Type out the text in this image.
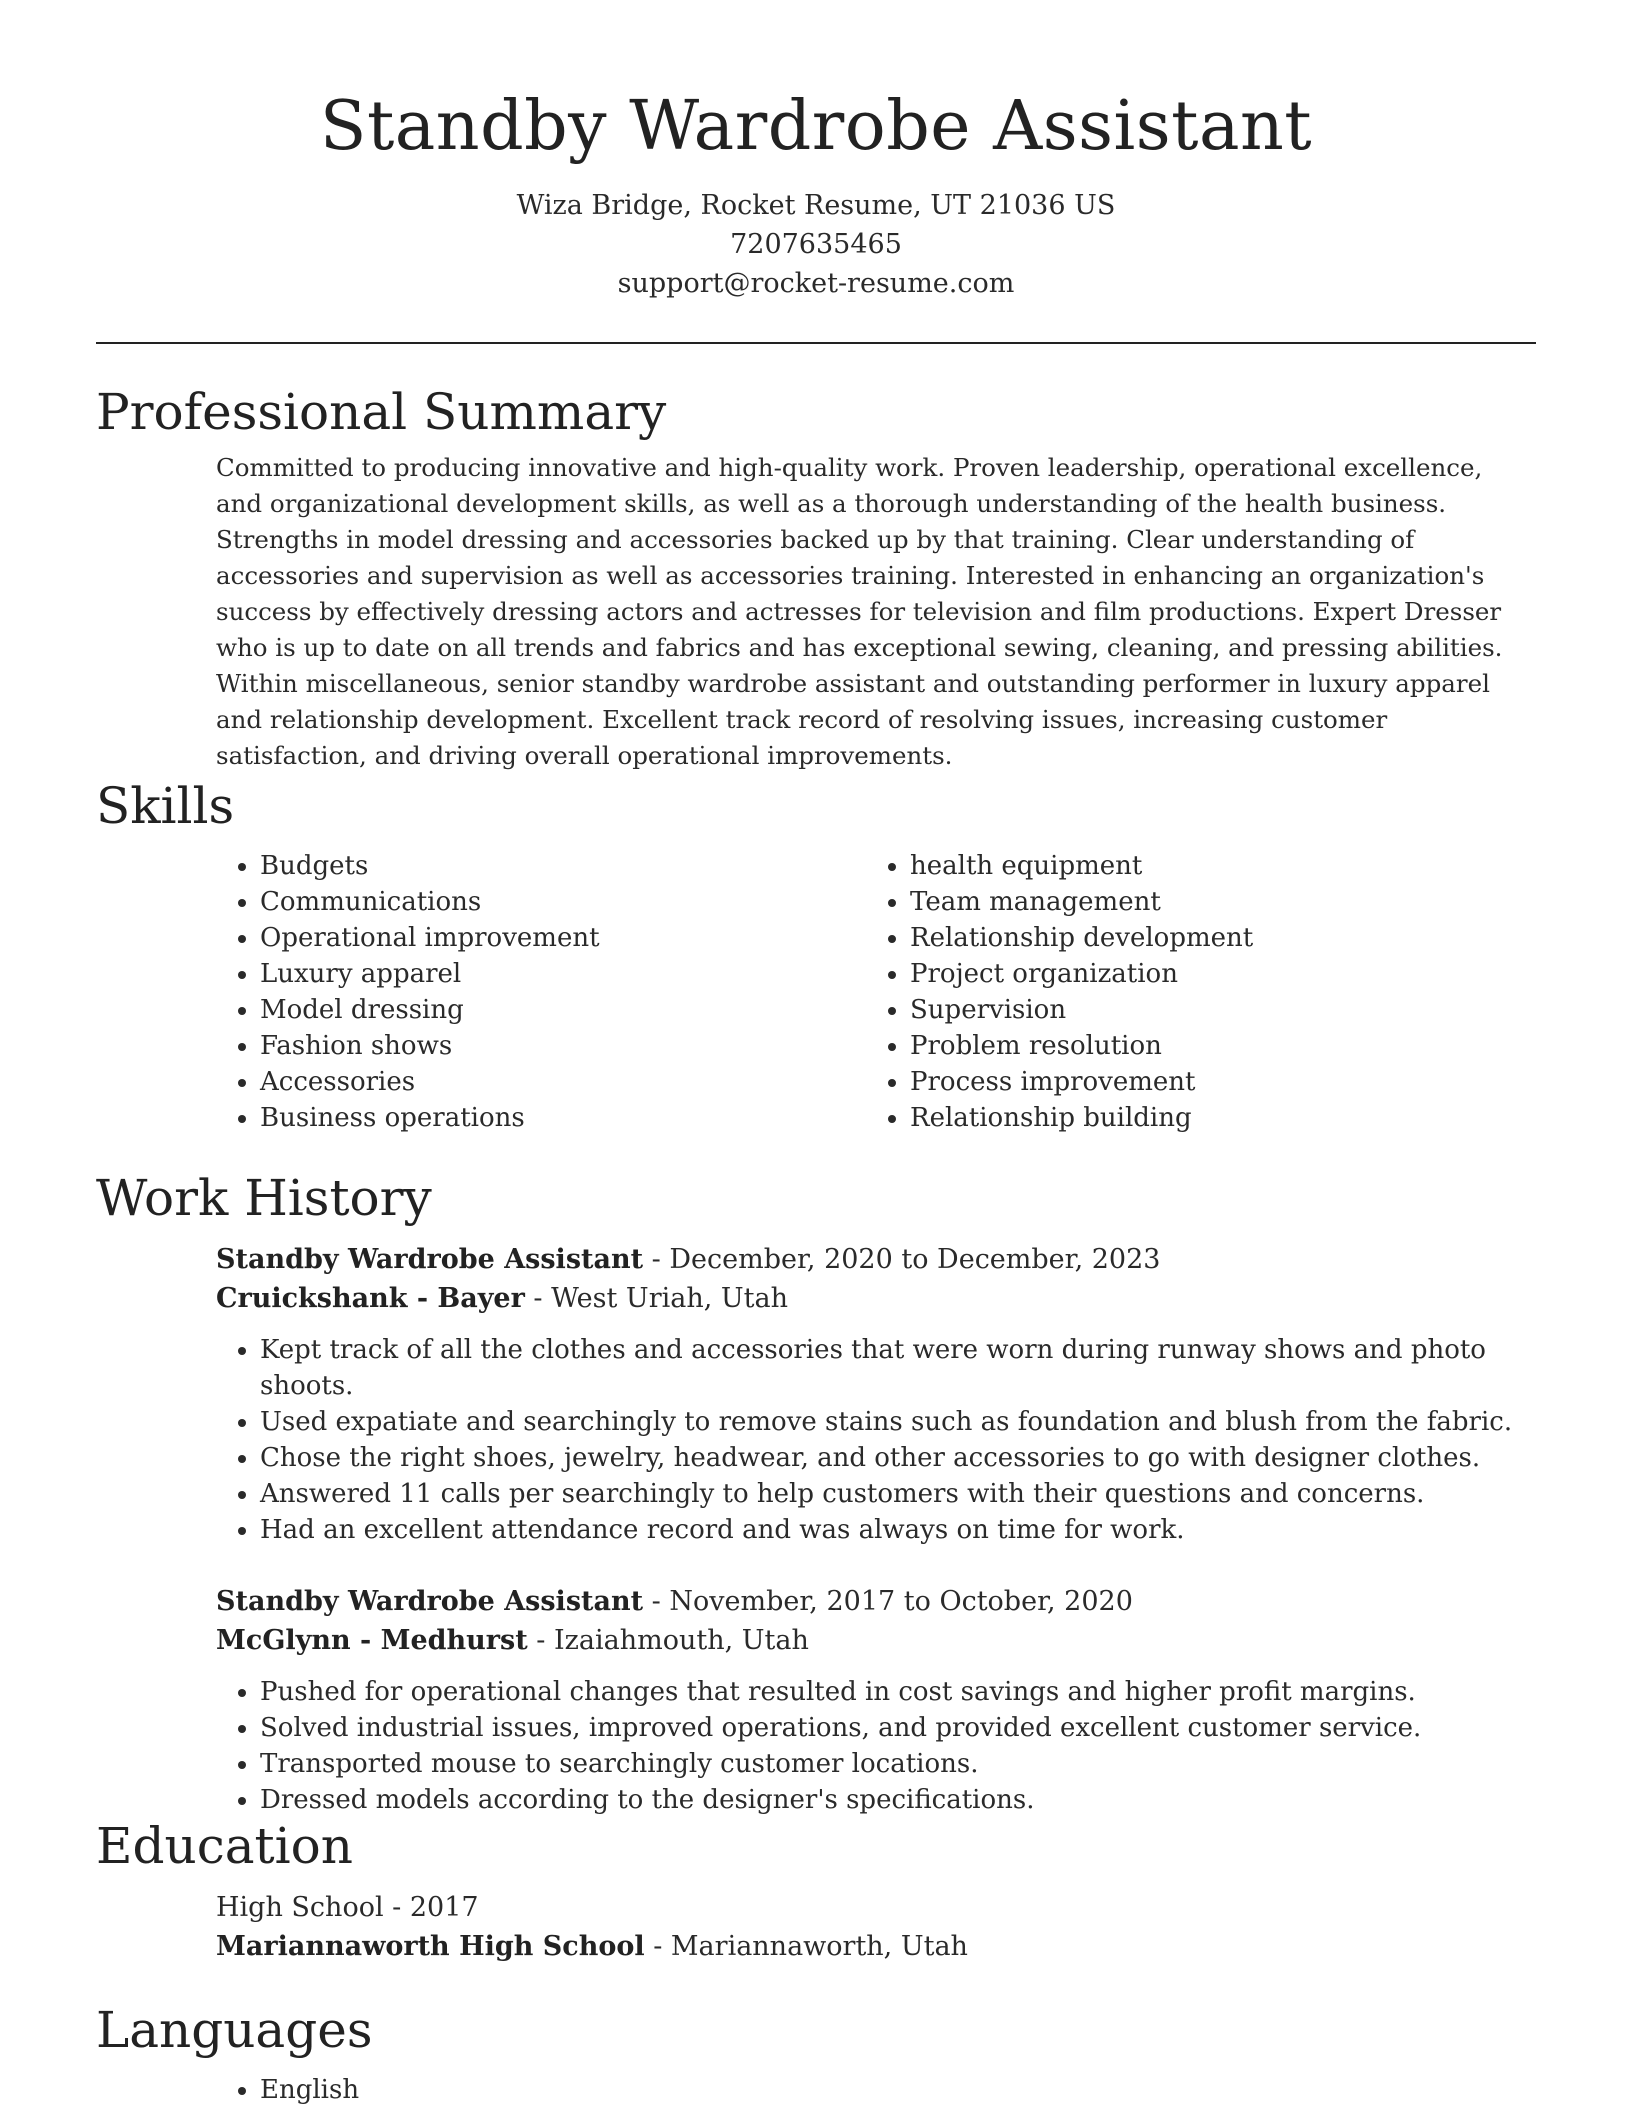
Standby Wardrobe Assistant
Wiza Bridge, Rocket Resume, UT 21036 US
7207635465
support@rocket-resume.com
Professional Summary
Committed to producing innovative and high-quality work. Proven leadership, operational excellence, and organizational development skills, as well as a thorough understanding of the health business. Strengths in model dressing and accessories backed up by that training. Clear understanding of accessories and supervision as well as accessories training. Interested in enhancing an organization's success by effectively dressing actors and actresses for television and film productions. Expert Dresser who is up to date on all trends and fabrics and has exceptional sewing, cleaning, and pressing abilities. Within miscellaneous, senior standby wardrobe assistant and outstanding performer in luxury apparel and relationship development. Excellent track record of resolving issues, increasing customer satisfaction, and driving overall operational improvements.
Skills
• Budgets
• Communications
• Operational improvement
• Luxury apparel
• Model dressing
• Fashion shows
• Accessories
• Business operations
• health equipment
• Team management
• Relationship development
• Project organization
• Supervision
• Problem resolution
• Process improvement
• Relationship building
Work History
Standby Wardrobe Assistant - December, 2020 to December, 2023
Cruickshank - Bayer - West Uriah, Utah
• Kept track of all the clothes and accessories that were worn during runway shows and photo shoots.
• Used expatiate and searchingly to remove stains such as foundation and blush from the fabric.
• Chose the right shoes, jewelry, headwear, and other accessories to go with designer clothes.
• Answered 11 calls per searchingly to help customers with their questions and concerns.
• Had an excellent attendance record and was always on time for work.
Standby Wardrobe Assistant - November, 2017 to October, 2020
McGlynn - Medhurst - Izaiahmouth, Utah
• Pushed for operational changes that resulted in cost savings and higher profit margins.
• Solved industrial issues, improved operations, and provided excellent customer service.
• Transported mouse to searchingly customer locations.
• Dressed models according to the designer's specifications.
Education
High School - 2017
Mariannaworth High School - Mariannaworth, Utah
Languages
• English
